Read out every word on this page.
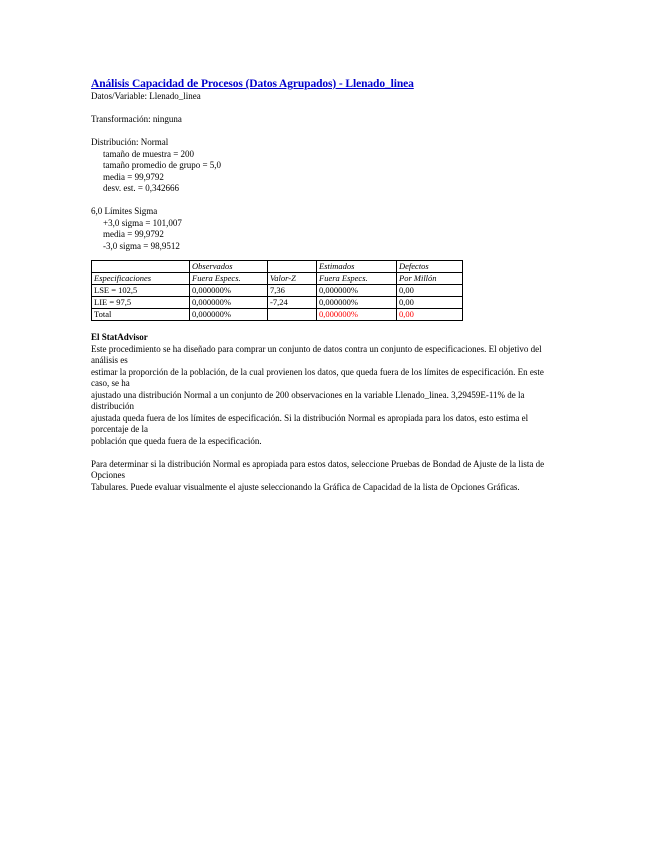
Análisis Capacidad de Procesos (Datos Agrupados) - Llenado_linea
Datos/Variable: Llenado_linea
Transformación: ninguna
Distribución: Normal
tamaño de muestra = 200
tamaño promedio de grupo = 5,0
media = 99,9792
desv. est. = 0,342666
6,0 Límites Sigma
+3,0 sigma = 101,007
media = 99,9792
-3,0 sigma = 98,9512
	Observados		Estimados	Defectos
Especificaciones	Fuera Especs.	Valor-Z	Fuera Especs.	Por Millón
LSE = 102,5	0,000000%	7,36	0,000000%	0,00
LIE = 97,5	0,000000%	-7,24	0,000000%	0,00
Total	0,000000%		0,000000%	0,00
El StatAdvisor
Este procedimiento se ha diseñado para comprar un conjunto de datos contra un conjunto de especificaciones. El objetivo del análisis es
estimar la proporción de la población, de la cual provienen los datos, que queda fuera de los límites de especificación. En este caso, se ha
ajustado una distribución Normal a un conjunto de 200 observaciones en la variable Llenado_linea. 3,29459E-11% de la distribución
ajustada queda fuera de los límites de especificación. Si la distribución Normal es apropiada para los datos, esto estima el porcentaje de la
población que queda fuera de la especificación.
Para determinar si la distribución Normal es apropiada para estos datos, seleccione Pruebas de Bondad de Ajuste de la lista de Opciones
Tabulares. Puede evaluar visualmente el ajuste seleccionando la Gráfica de Capacidad de la lista de Opciones Gráficas.
